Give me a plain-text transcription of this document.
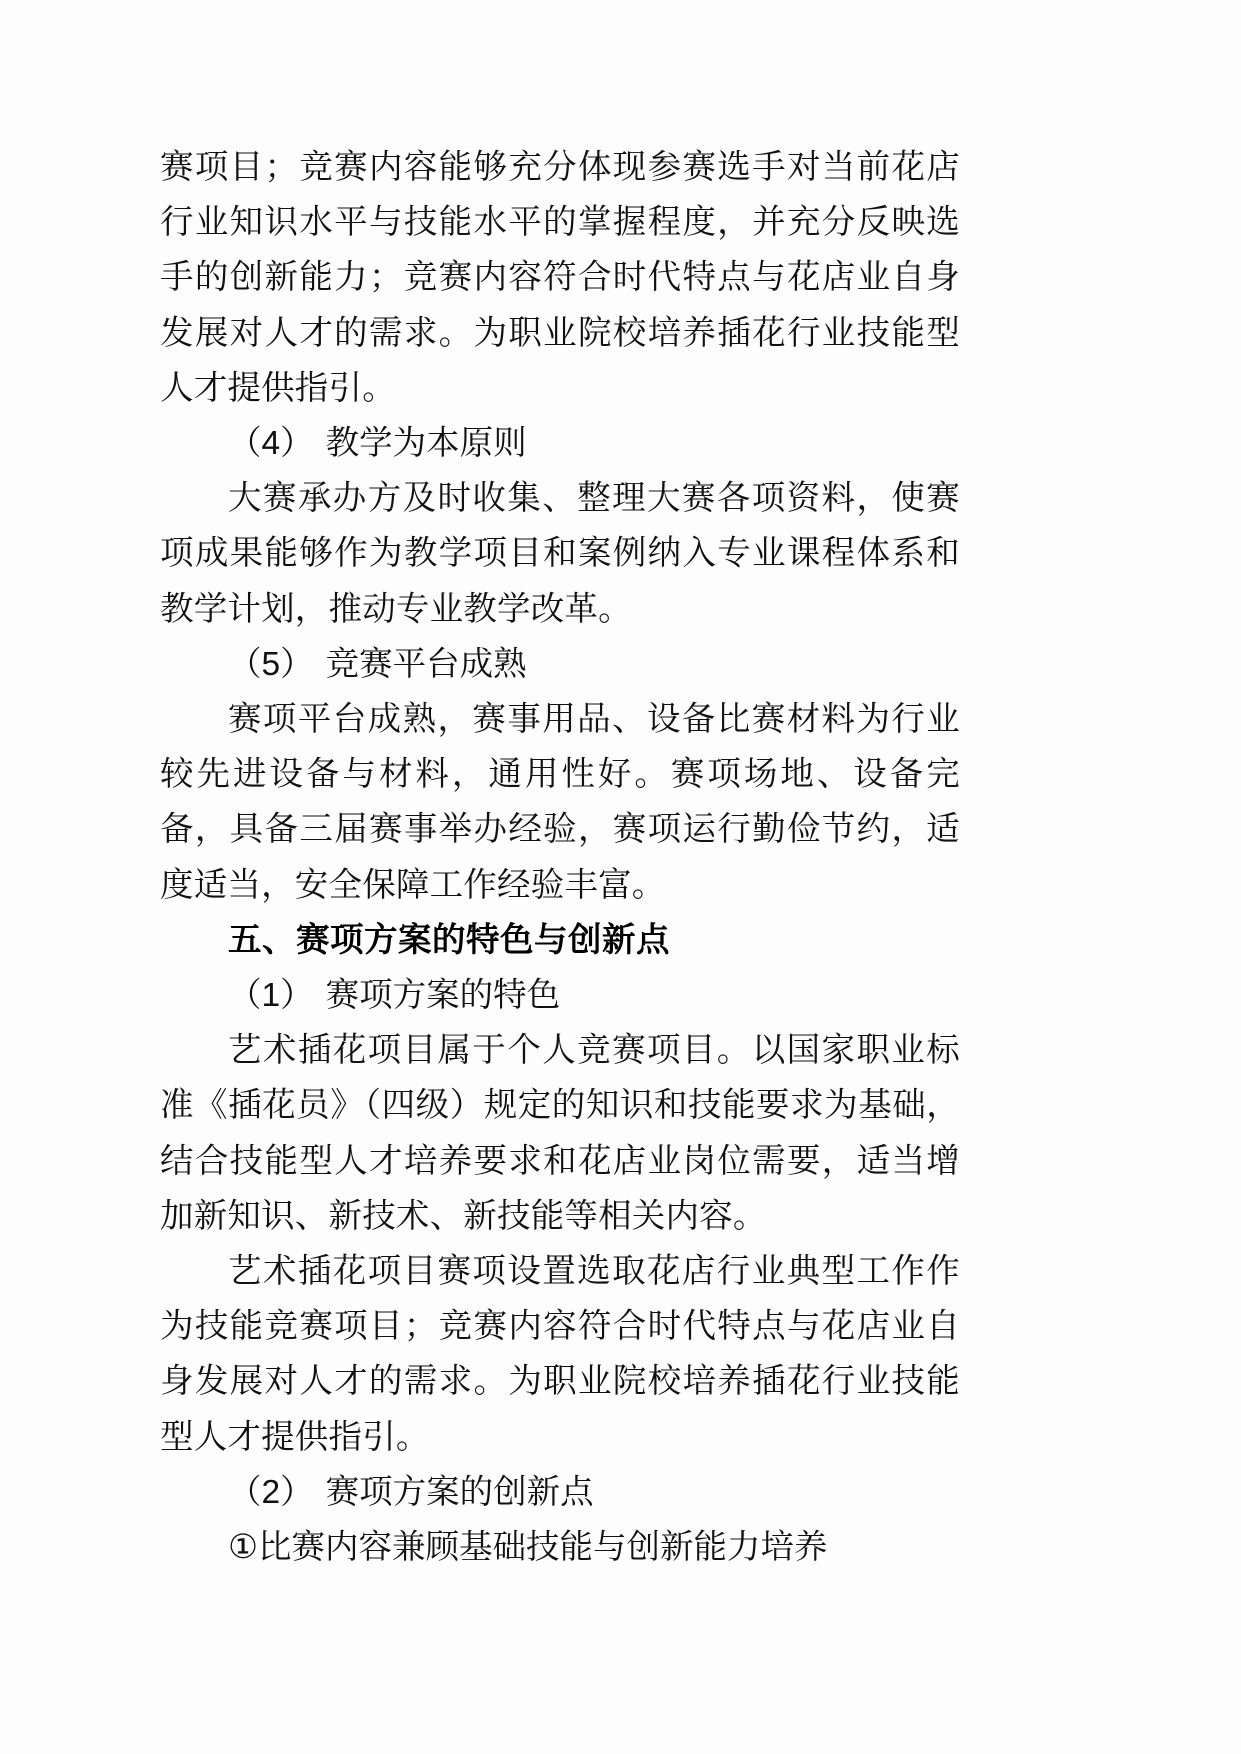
赛项目；竞赛内容能够充分体现参赛选手对当前花店行业知识水平与技能水平的掌握程度，并充分反映选手的创新能力；竞赛内容符合时代特点与花店业自身发展对人才的需求。为职业院校培养插花行业技能型人才提供指引。

（4） 教学为本原则

大赛承办方及时收集、整理大赛各项资料，使赛项成果能够作为教学项目和案例纳入专业课程体系和教学计划，推动专业教学改革。

（5） 竞赛平台成熟

赛项平台成熟，赛事用品、设备比赛材料为行业较先进设备与材料，通用性好。赛项场地、设备完备，具备三届赛事举办经验，赛项运行勤俭节约，适度适当，安全保障工作经验丰富。

五、赛项方案的特色与创新点

（1） 赛项方案的特色

艺术插花项目属于个人竞赛项目。以国家职业标准《插花员》（四级）规定的知识和技能要求为基础，结合技能型人才培养要求和花店业岗位需要，适当增加新知识、新技术、新技能等相关内容。

艺术插花项目赛项设置选取花店行业典型工作作为技能竞赛项目；竞赛内容符合时代特点与花店业自身发展对人才的需求。为职业院校培养插花行业技能型人才提供指引。

（2） 赛项方案的创新点

①比赛内容兼顾基础技能与创新能力培养
